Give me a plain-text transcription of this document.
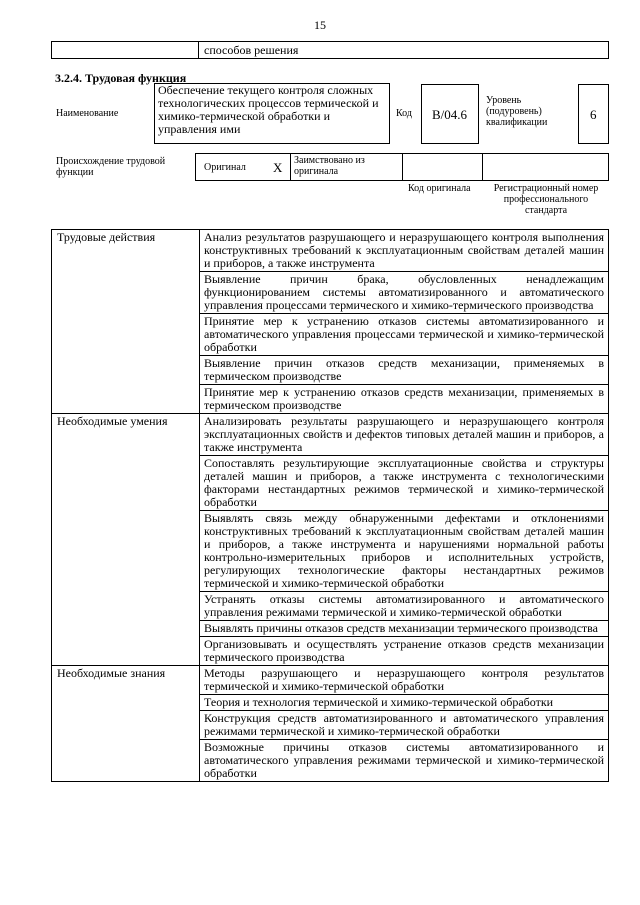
15
способов решения
3.2.4. Трудовая функция
Наименование
Обеспечение текущего контроля сложных технологических процессов термической и химико-термической обработки и управления ими
Код B/04.6
Уровень (подуровень) квалификации
6
Происхождение трудовой функции	Оригинал X Заимствовано из оригинала
Код оригинала	Регистрационный номер профессионального стандарта
Трудовые действия	Анализ результатов разрушающего и неразрушающего контроля выполнения конструктивных требований к эксплуатационным свойствам деталей машин и приборов, а также инструмента
	Выявление причин брака, обусловленных ненадлежащим функционированием системы автоматизированного и автоматического управления процессами термического и химико-термического производства
	Принятие мер к устранению отказов системы автоматизированного и автоматического управления процессами термической и химико-термической обработки
	Выявление причин отказов средств механизации, применяемых в термическом производстве
	Принятие мер к устранению отказов средств механизации, применяемых в термическом производстве
Необходимые умения	Анализировать результаты разрушающего и неразрушающего контроля эксплуатационных свойств и дефектов типовых деталей машин и приборов, а также инструмента
	Сопоставлять результирующие эксплуатационные свойства и структуры деталей машин и приборов, а также инструмента с технологическими факторами нестандартных режимов термической и химико-термической обработки
	Выявлять связь между обнаруженными дефектами и отклонениями конструктивных требований к эксплуатационным свойствам деталей машин и приборов, а также инструмента и нарушениями нормальной работы контрольно-измерительных приборов и исполнительных устройств, регулирующих технологические факторы нестандартных режимов термической и химико-термической обработки
	Устранять отказы системы автоматизированного и автоматического управления режимами термической и химико-термической обработки
	Выявлять причины отказов средств механизации термического производства
	Организовывать и осуществлять устранение отказов средств механизации термического производства
Необходимые знания	Методы разрушающего и неразрушающего контроля результатов термической и химико-термической обработки
	Теория и технология термической и химико-термической обработки
	Конструкция средств автоматизированного и автоматического управления режимами термической и химико-термической обработки
	Возможные причины отказов системы автоматизированного и автоматического управления режимами термической и химико-термической обработки
